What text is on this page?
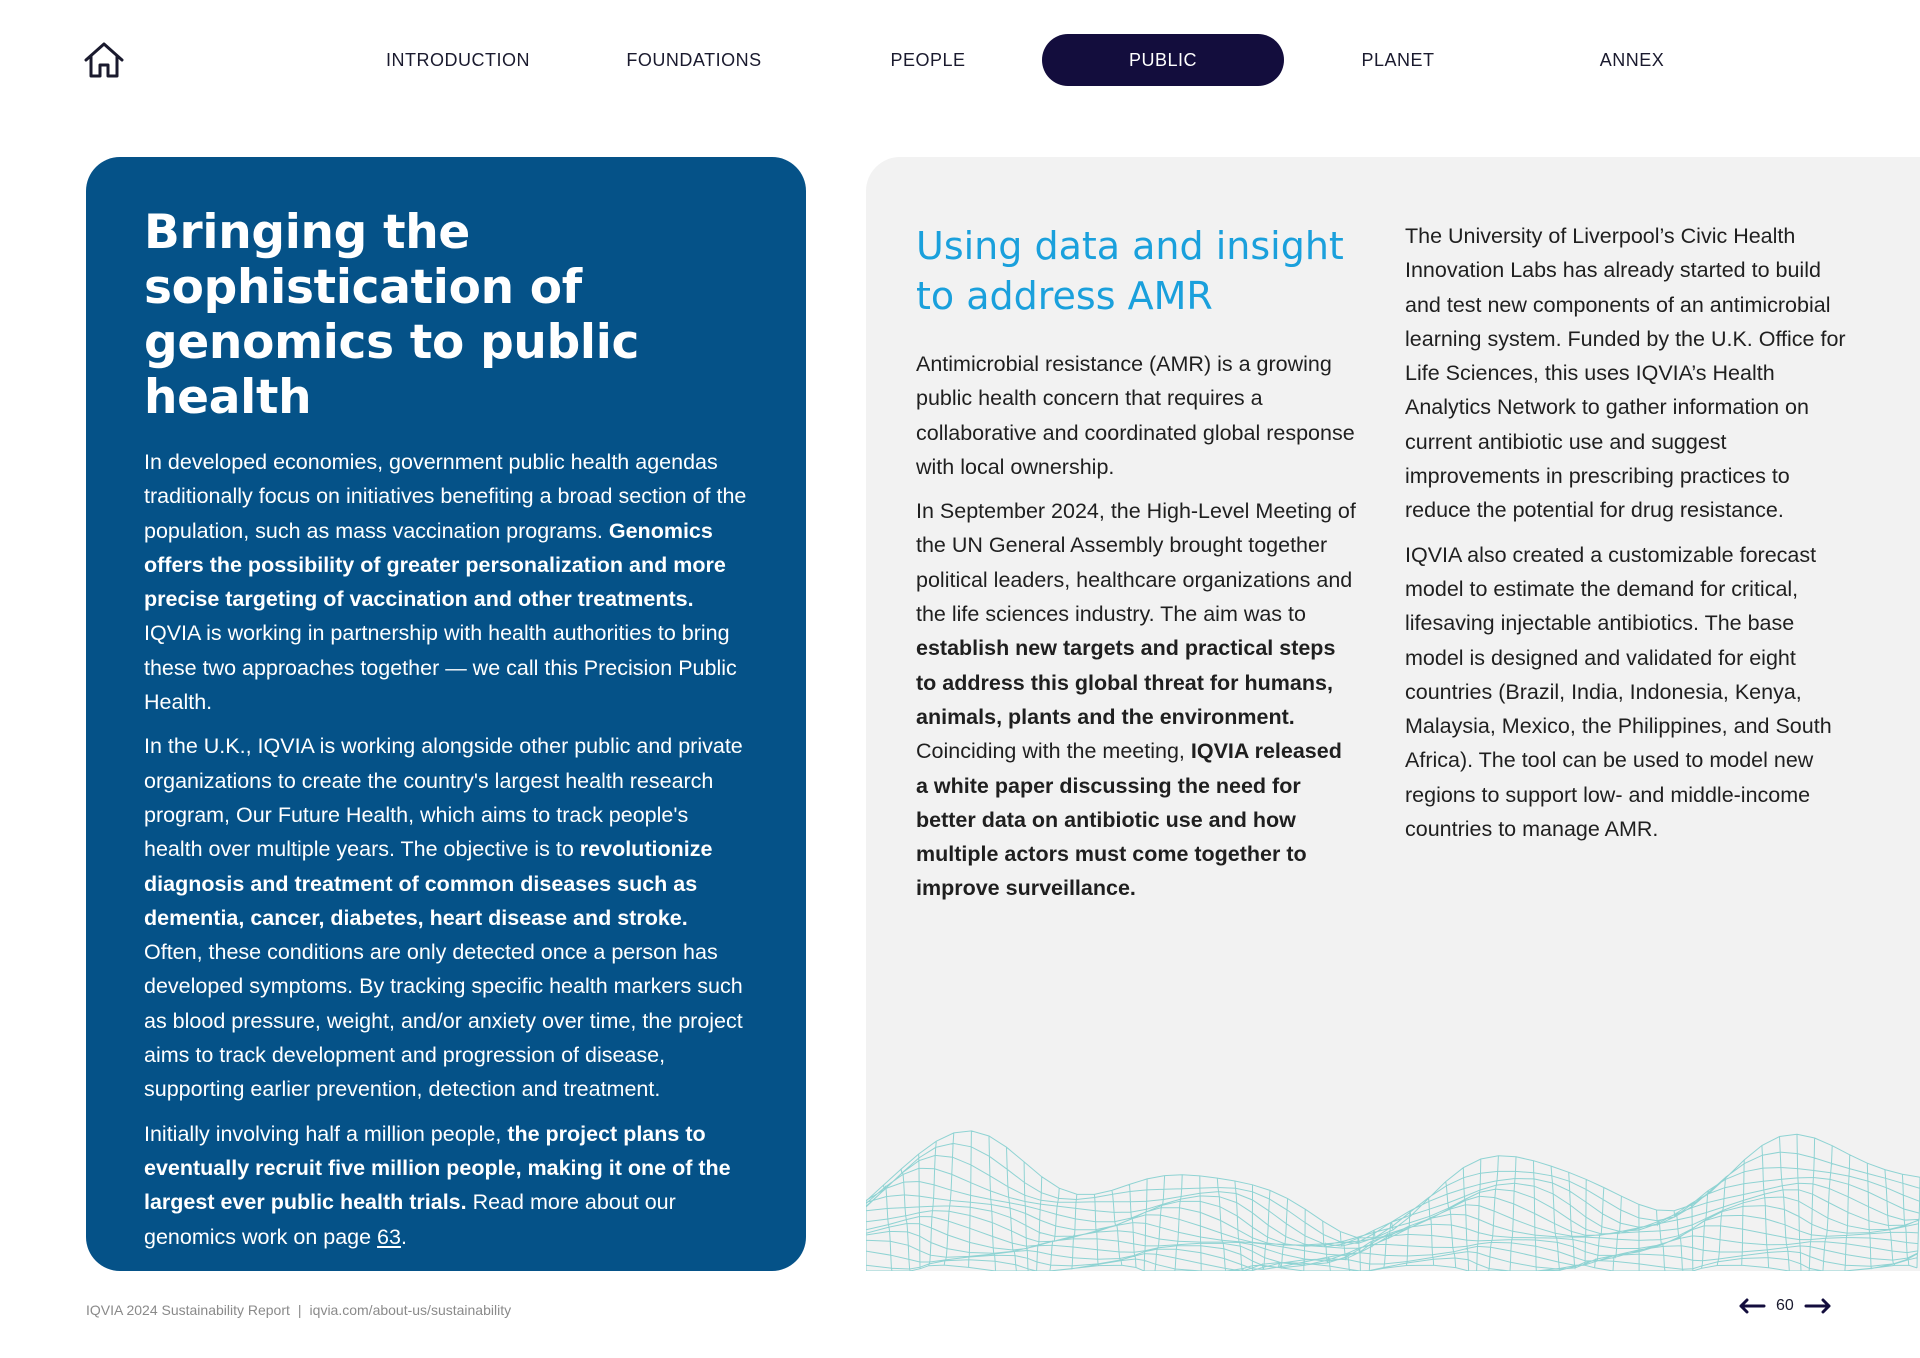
INTRODUCTION	FOUNDATIONS	PEOPLE	PUBLIC	PLANET	ANNEX
Bringing the sophistication of genomics to public health

In developed economies, government public health agendas traditionally focus on initiatives benefiting a broad section of the population, such as mass vaccination programs. Genomics offers the possibility of greater personalization and more precise targeting of vaccination and other treatments. IQVIA is working in partnership with health authorities to bring these two approaches together — we call this Precision Public Health.

In the U.K., IQVIA is working alongside other public and private organizations to create the country's largest health research program, Our Future Health, which aims to track people's health over multiple years. The objective is to revolutionize diagnosis and treatment of common diseases such as dementia, cancer, diabetes, heart disease and stroke. Often, these conditions are only detected once a person has developed symptoms. By tracking specific health markers such as blood pressure, weight, and/or anxiety over time, the project aims to track development and progression of disease, supporting earlier prevention, detection and treatment.

Initially involving half a million people, the project plans to eventually recruit five million people, making it one of the largest ever public health trials. Read more about our genomics work on page 63.

Using data and insight to address AMR

Antimicrobial resistance (AMR) is a growing public health concern that requires a collaborative and coordinated global response with local ownership.

In September 2024, the High-Level Meeting of the UN General Assembly brought together political leaders, healthcare organizations and the life sciences industry. The aim was to establish new targets and practical steps to address this global threat for humans, animals, plants and the environment. Coinciding with the meeting, IQVIA released a white paper discussing the need for better data on antibiotic use and how multiple actors must come together to improve surveillance.

The University of Liverpool’s Civic Health Innovation Labs has already started to build and test new components of an antimicrobial learning system. Funded by the U.K. Office for Life Sciences, this uses IQVIA’s Health Analytics Network to gather information on current antibiotic use and suggest improvements in prescribing practices to reduce the potential for drug resistance.

IQVIA also created a customizable forecast model to estimate the demand for critical, lifesaving injectable antibiotics. The base model is designed and validated for eight countries (Brazil, India, Indonesia, Kenya, Malaysia, Mexico, the Philippines, and South Africa). The tool can be used to model new regions to support low- and middle-income countries to manage AMR.

IQVIA 2024 Sustainability Report | iqvia.com/about-us/sustainability	60
